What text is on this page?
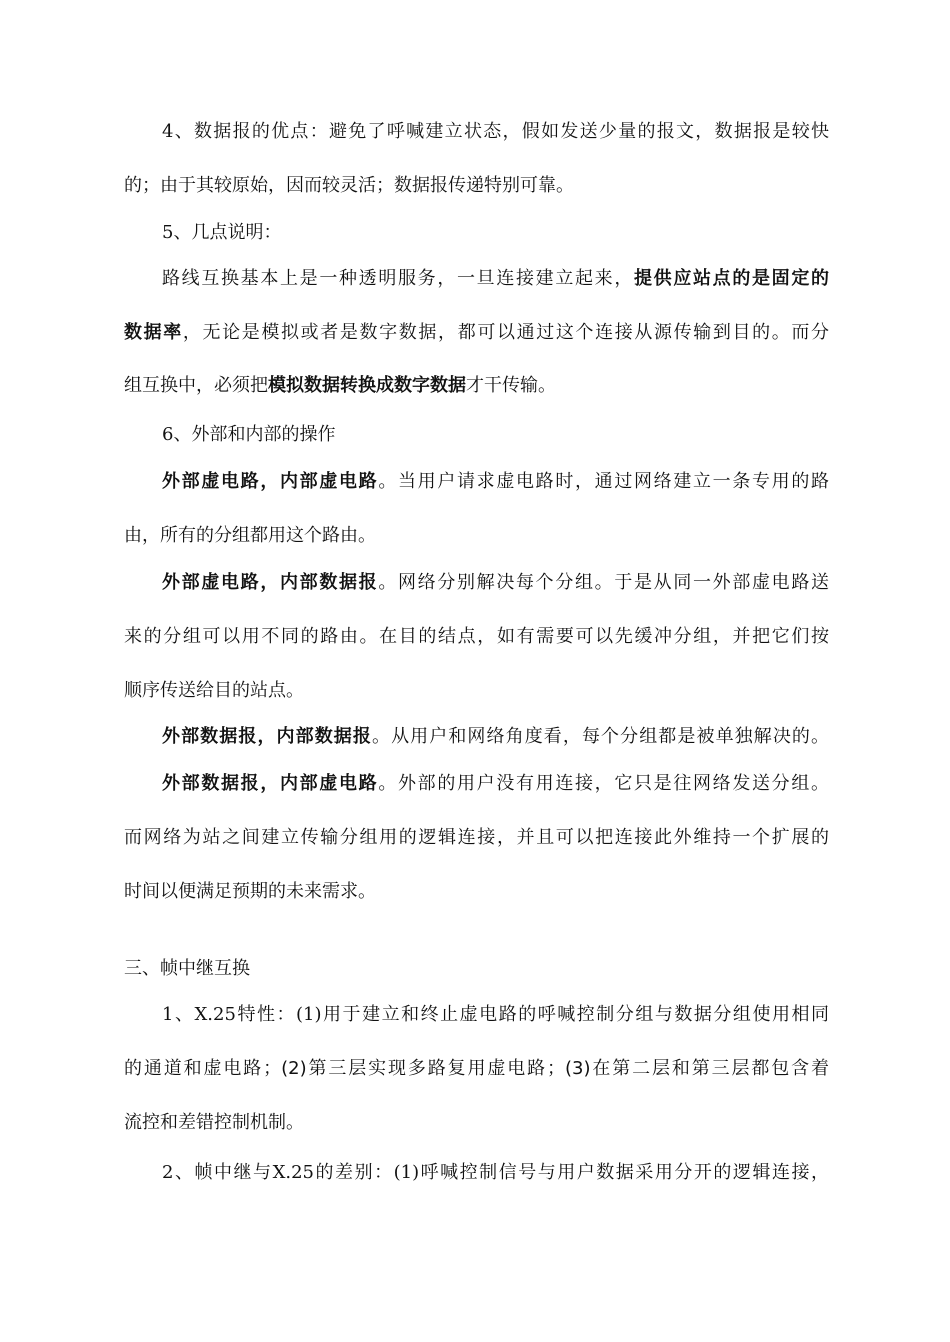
4、数据报的优点：避免了呼喊建立状态，假如发送少量的报文，数据报是较快
的；由于其较原始，因而较灵活；数据报传递特别可靠。
5、几点说明：
路线互换基本上是一种透明服务，一旦连接建立起来，提供应站点的是固定的
数据率，无论是模拟或者是数字数据，都可以通过这个连接从源传输到目的。而分
组互换中，必须把模拟数据转换成数字数据才干传输。
6、外部和内部的操作
外部虚电路，内部虚电路。当用户请求虚电路时，通过网络建立一条专用的路
由，所有的分组都用这个路由。
外部虚电路，内部数据报。网络分别解决每个分组。于是从同一外部虚电路送
来的分组可以用不同的路由。在目的结点，如有需要可以先缓冲分组，并把它们按
顺序传送给目的站点。
外部数据报，内部数据报。从用户和网络角度看，每个分组都是被单独解决的。
外部数据报，内部虚电路。外部的用户没有用连接，它只是往网络发送分组。
而网络为站之间建立传输分组用的逻辑连接，并且可以把连接此外维持一个扩展的
时间以便满足预期的未来需求。
三、帧中继互换
1、X.25特性：(1)用于建立和终止虚电路的呼喊控制分组与数据分组使用相同
的通道和虚电路；(2)第三层实现多路复用虚电路；(3)在第二层和第三层都包含着
流控和差错控制机制。
2、帧中继与X.25的差别：(1)呼喊控制信号与用户数据采用分开的逻辑连接，
